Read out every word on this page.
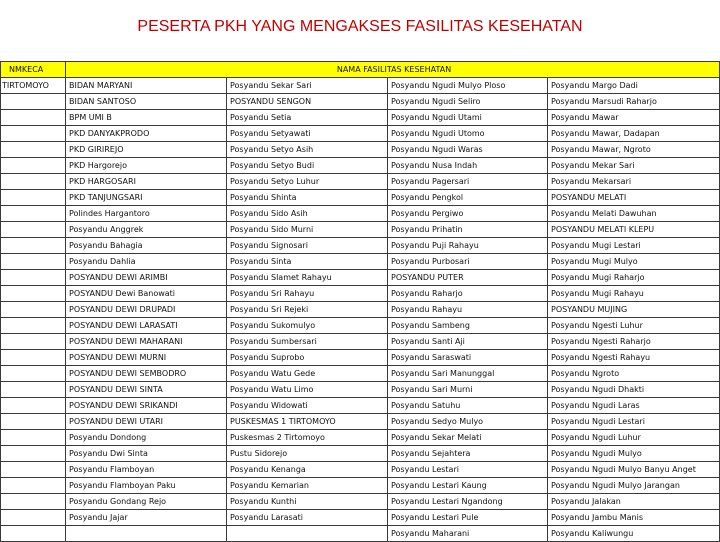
PESERTA PKH YANG MENGAKSES FASILITAS KESEHATAN
NMKECA	NAMA FASILITAS KESEHATAN			
TIRTOMOYO	BIDAN MARYANI	Posyandu Sekar Sari	Posyandu Ngudi Mulyo Ploso	Posyandu Margo Dadi
	BIDAN SANTOSO	POSYANDU SENGON	Posyandu Ngudi Seliro	Posyandu Marsudi Raharjo
	BPM UMI B	Posyandu Setia	Posyandu Ngudi Utami	Posyandu Mawar
	PKD DANYAKPRODO	Posyandu Setyawati	Posyandu Ngudi Utomo	Posyandu Mawar, Dadapan
	PKD GIRIREJO	Posyandu Setyo Asih	Posyandu Ngudi Waras	Posyandu Mawar, Ngroto
	PKD Hargorejo	Posyandu Setyo Budi	Posyandu Nusa Indah	Posyandu Mekar Sari
	PKD HARGOSARI	Posyandu Setyo Luhur	Posyandu Pagersari	Posyandu Mekarsari
	PKD TANJUNGSARI	Posyandu Shinta	Posyandu Pengkol	POSYANDU MELATI
	Polindes Hargantoro	Posyandu Sido Asih	Posyandu Pergiwo	Posyandu Melati Dawuhan
	Posyandu Anggrek	Posyandu Sido Murni	Posyandu Prihatin	POSYANDU MELATI KLEPU
	Posyandu Bahagia	Posyandu Signosari	Posyandu Puji Rahayu	Posyandu Mugi Lestari
	Posyandu Dahlia	Posyandu Sinta	Posyandu Purbosari	Posyandu Mugi Mulyo
	POSYANDU DEWI ARIMBI	Posyandu Slamet Rahayu	POSYANDU PUTER	Posyandu Mugi Raharjo
	POSYANDU Dewi Banowati	Posyandu Sri Rahayu	Posyandu Raharjo	Posyandu Mugi Rahayu
	POSYANDU DEWI DRUPADI	Posyandu Sri Rejeki	Posyandu Rahayu	POSYANDU MUJING
	POSYANDU DEWI LARASATI	Posyandu Sukomulyo	Posyandu Sambeng	Posyandu Ngesti Luhur
	POSYANDU DEWI MAHARANI	Posyandu Sumbersari	Posyandu Santi Aji	Posyandu Ngesti Raharjo
	POSYANDU DEWI MURNI	Posyandu Suprobo	Posyandu Saraswati	Posyandu Ngesti Rahayu
	POSYANDU DEWI SEMBODRO	Posyandu Watu Gede	Posyandu Sari Manunggal	Posyandu Ngroto
	POSYANDU DEWI SINTA	Posyandu Watu Limo	Posyandu Sari Murni	Posyandu Ngudi Dhakti
	POSYANDU DEWI SRIKANDI	Posyandu Widowati	Posyandu Satuhu	Posyandu Ngudi Laras
	POSYANDU DEWI UTARI	PUSKESMAS 1 TIRTOMOYO	Posyandu Sedyo Mulyo	Posyandu Ngudi Lestari
	Posyandu Dondong	Puskesmas 2 Tirtomoyo	Posyandu Sekar Melati	Posyandu Ngudi Luhur
	Posyandu Dwi Sinta	Pustu Sidorejo	Posyandu Sejahtera	Posyandu Ngudi Mulyo
	Posyandu Flamboyan	Posyandu Kenanga	Posyandu Lestari	Posyandu Ngudi Mulyo Banyu Anget
	Posyandu Flamboyan Paku	Posyandu Kemarian	Posyandu Lestari Kaung	Posyandu Ngudi Mulyo Jarangan
	Posyandu Gondang Rejo	Posyandu Kunthi	Posyandu Lestari Ngandong	Posyandu Jalakan
	Posyandu Jajar	Posyandu Larasati	Posyandu Lestari Pule	Posyandu Jambu Manis
			Posyandu Maharani	Posyandu Kaliwungu
